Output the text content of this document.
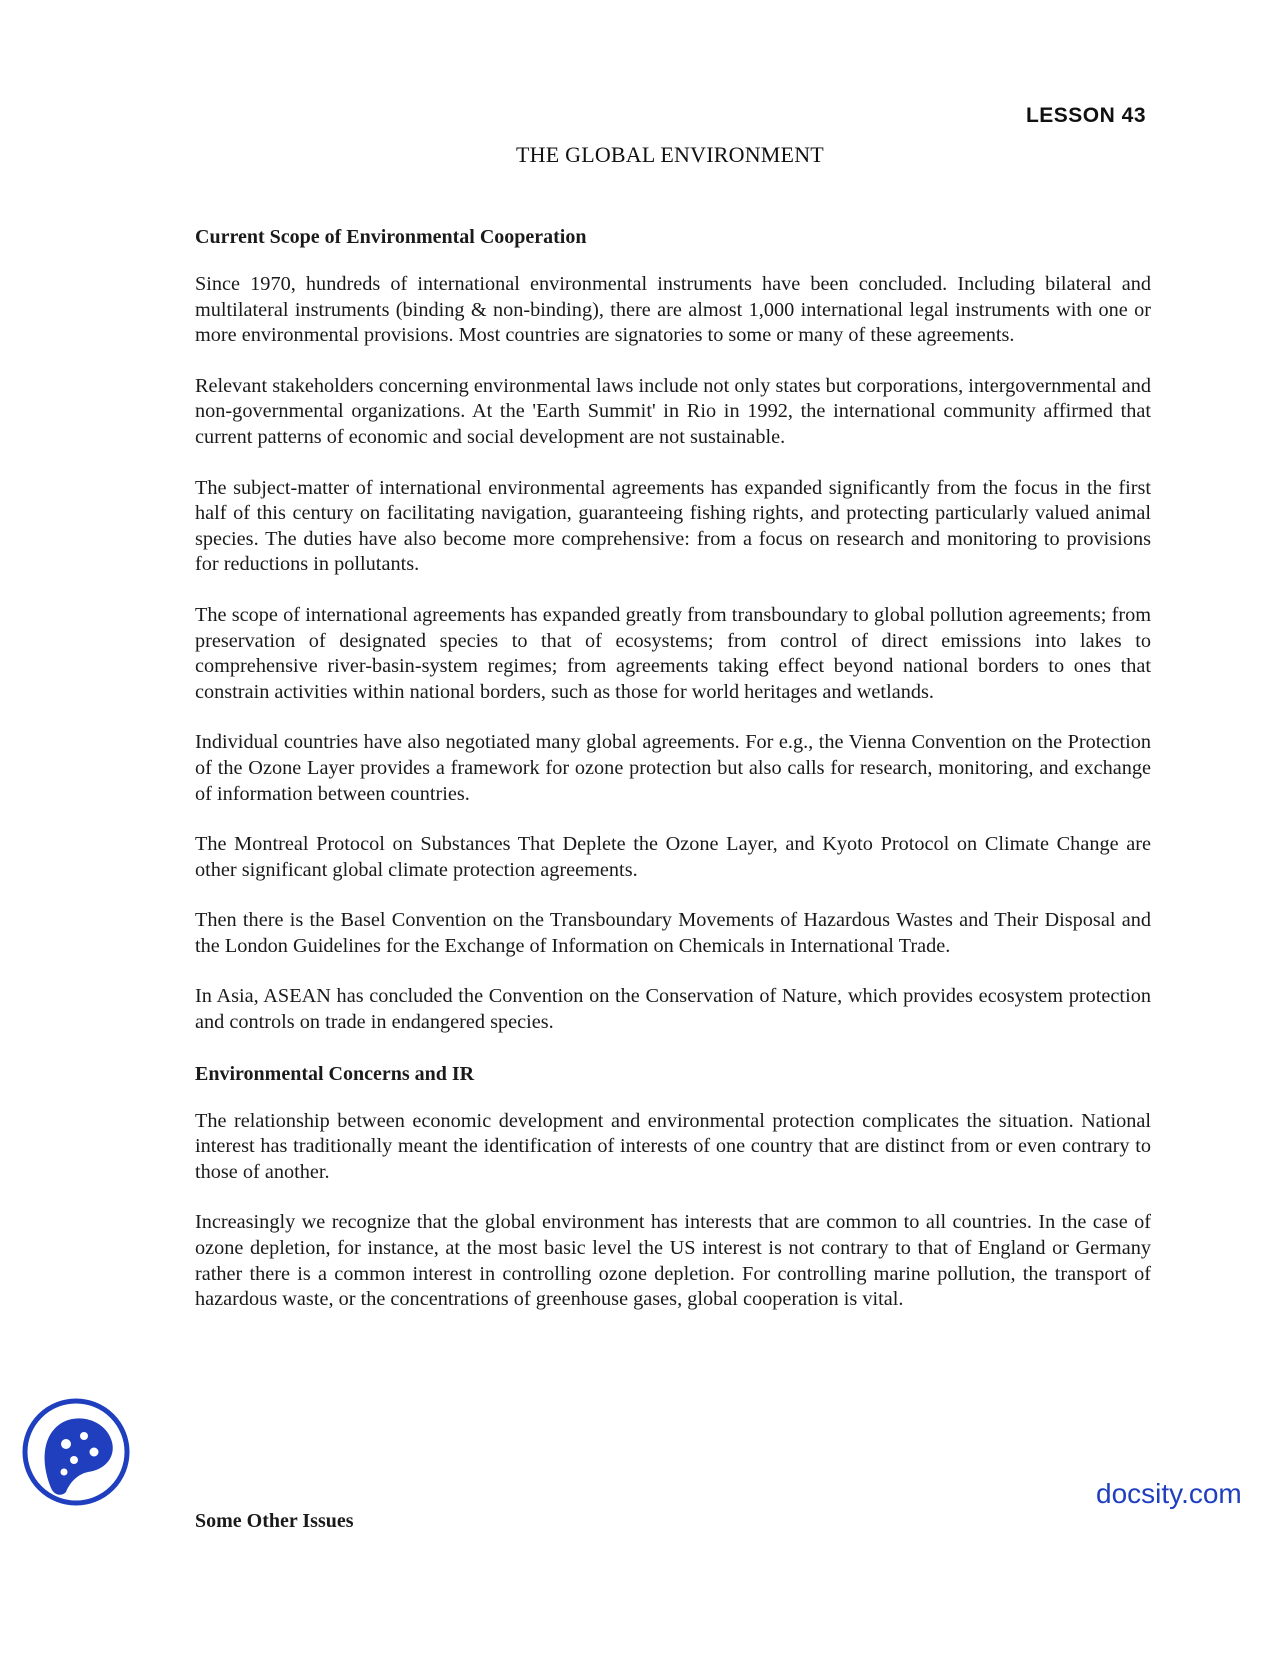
LESSON 43
THE GLOBAL ENVIRONMENT
Current Scope of Environmental Cooperation

Since 1970, hundreds of international environmental instruments have been concluded. Including bilateral and multilateral instruments (binding & non-binding), there are almost 1,000 international legal instruments with one or more environmental provisions. Most countries are signatories to some or many of these agreements.

Relevant stakeholders concerning environmental laws include not only states but corporations, intergovernmental and non-governmental organizations. At the 'Earth Summit' in Rio in 1992, the international community affirmed that current patterns of economic and social development are not sustainable.

The subject-matter of international environmental agreements has expanded significantly from the focus in the first half of this century on facilitating navigation, guaranteeing fishing rights, and protecting particularly valued animal species. The duties have also become more comprehensive: from a focus on research and monitoring to provisions for reductions in pollutants.

The scope of international agreements has expanded greatly from transboundary to global pollution agreements; from preservation of designated species to that of ecosystems; from control of direct emissions into lakes to comprehensive river-basin-system regimes; from agreements taking effect beyond national borders to ones that constrain activities within national borders, such as those for world heritages and wetlands.

Individual countries have also negotiated many global agreements. For e.g., the Vienna Convention on the Protection of the Ozone Layer provides a framework for ozone protection but also calls for research, monitoring, and exchange of information between countries.

The Montreal Protocol on Substances That Deplete the Ozone Layer, and Kyoto Protocol on Climate Change are other significant global climate protection agreements.

Then there is the Basel Convention on the Transboundary Movements of Hazardous Wastes and Their Disposal and the London Guidelines for the Exchange of Information on Chemicals in International Trade.

In Asia, ASEAN has concluded the Convention on the Conservation of Nature, which provides ecosystem protection and controls on trade in endangered species.

Environmental Concerns and IR

The relationship between economic development and environmental protection complicates the situation. National interest has traditionally meant the identification of interests of one country that are distinct from or even contrary to those of another.

Increasingly we recognize that the global environment has interests that are common to all countries. In the case of ozone depletion, for instance, at the most basic level the US interest is not contrary to that of England or Germany rather there is a common interest in controlling ozone depletion. For controlling marine pollution, the transport of hazardous waste, or the concentrations of greenhouse gases, global cooperation is vital.

Some Other Issues
docsity.com
